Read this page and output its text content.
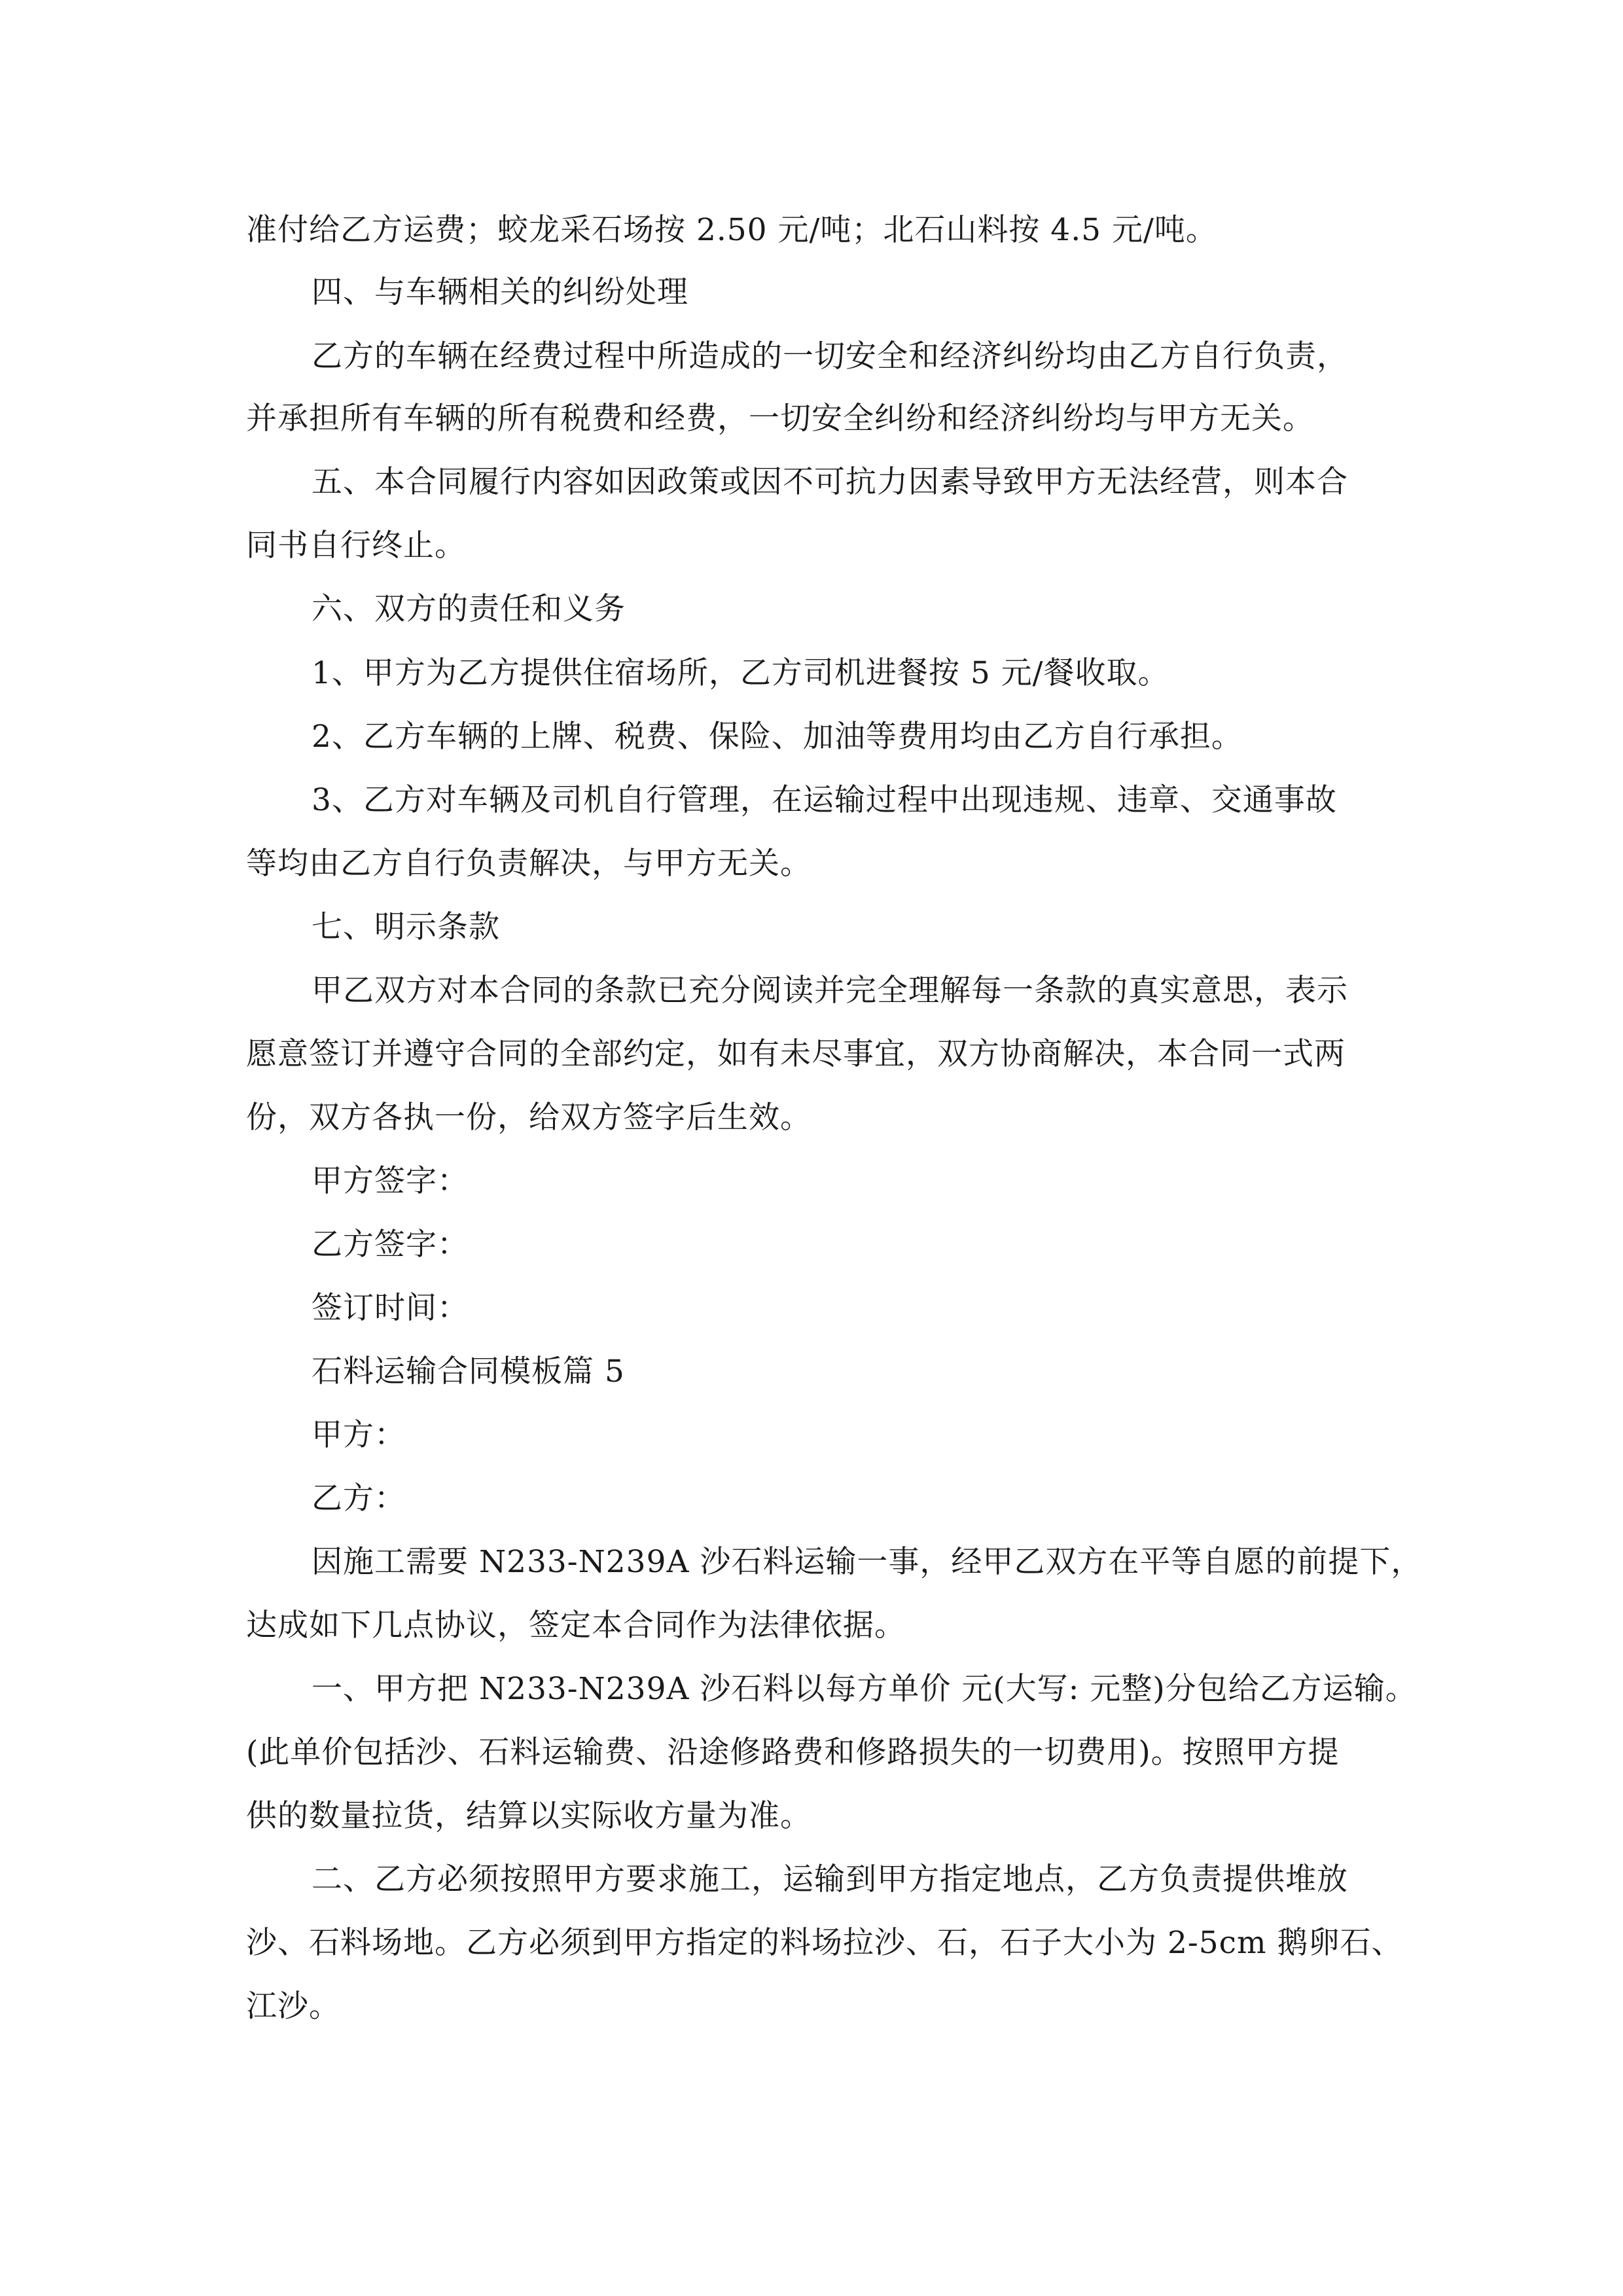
准付给乙方运费；蛟龙采石场按 2.50 元/吨；北石山料按 4.5 元/吨。
四、与车辆相关的纠纷处理
乙方的车辆在经费过程中所造成的一切安全和经济纠纷均由乙方自行负责，
并承担所有车辆的所有税费和经费，一切安全纠纷和经济纠纷均与甲方无关。
五、本合同履行内容如因政策或因不可抗力因素导致甲方无法经营，则本合
同书自行终止。
六、双方的责任和义务
1、甲方为乙方提供住宿场所，乙方司机进餐按 5 元/餐收取。
2、乙方车辆的上牌、税费、保险、加油等费用均由乙方自行承担。
3、乙方对车辆及司机自行管理，在运输过程中出现违规、违章、交通事故
等均由乙方自行负责解决，与甲方无关。
七、明示条款
甲乙双方对本合同的条款已充分阅读并完全理解每一条款的真实意思，表示
愿意签订并遵守合同的全部约定，如有未尽事宜，双方协商解决，本合同一式两
份，双方各执一份，给双方签字后生效。
甲方签字：
乙方签字：
签订时间：
石料运输合同模板篇 5
甲方：
乙方：
因施工需要 N233-N239A 沙石料运输一事，经甲乙双方在平等自愿的前提下，
达成如下几点协议，签定本合同作为法律依据。
一、甲方把 N233-N239A 沙石料以每方单价 元(大写: 元整)分包给乙方运输。
(此单价包括沙、石料运输费、沿途修路费和修路损失的一切费用)。按照甲方提
供的数量拉货，结算以实际收方量为准。
二、乙方必须按照甲方要求施工，运输到甲方指定地点，乙方负责提供堆放
沙、石料场地。乙方必须到甲方指定的料场拉沙、石，石子大小为 2-5cm 鹅卵石、
江沙。
